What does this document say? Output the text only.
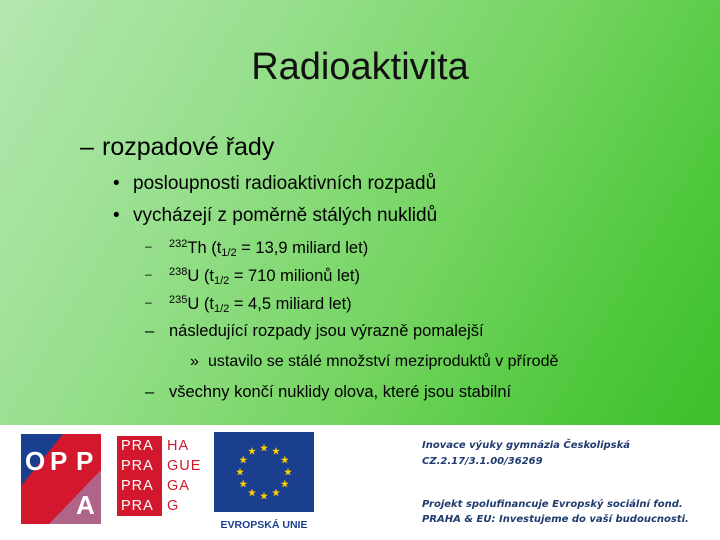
Radioaktivita
– rozpadové řady
• posloupnosti radioaktivních rozpadů
• vycházejí z poměrně stálých nuklidů
– $^{232}$Th ($t_{1/2} = 13,9$ miliard let)
– $^{238}$U ($t_{1/2} = 710$ milionů let)
– $^{235}$U ($t_{1/2} = 4,5$ miliard let)
– následující rozpady jsou výrazně pomalejší
» ustavilo se stálé množství meziproduktů v přírodě
– všechny končí nuklidy olova, které jsou stabilní
O P P
A
PRA HA
PRA GUE
PRA GA
PRA G
EVROPSKÁ UNIE
Inovace výuky gymnázia Českolipská
CZ.2.17/3.1.00/36269
Projekt spolufinancuje Evropský sociální fond.
PRAHA & EU: Investujeme do vaší budoucnosti.
